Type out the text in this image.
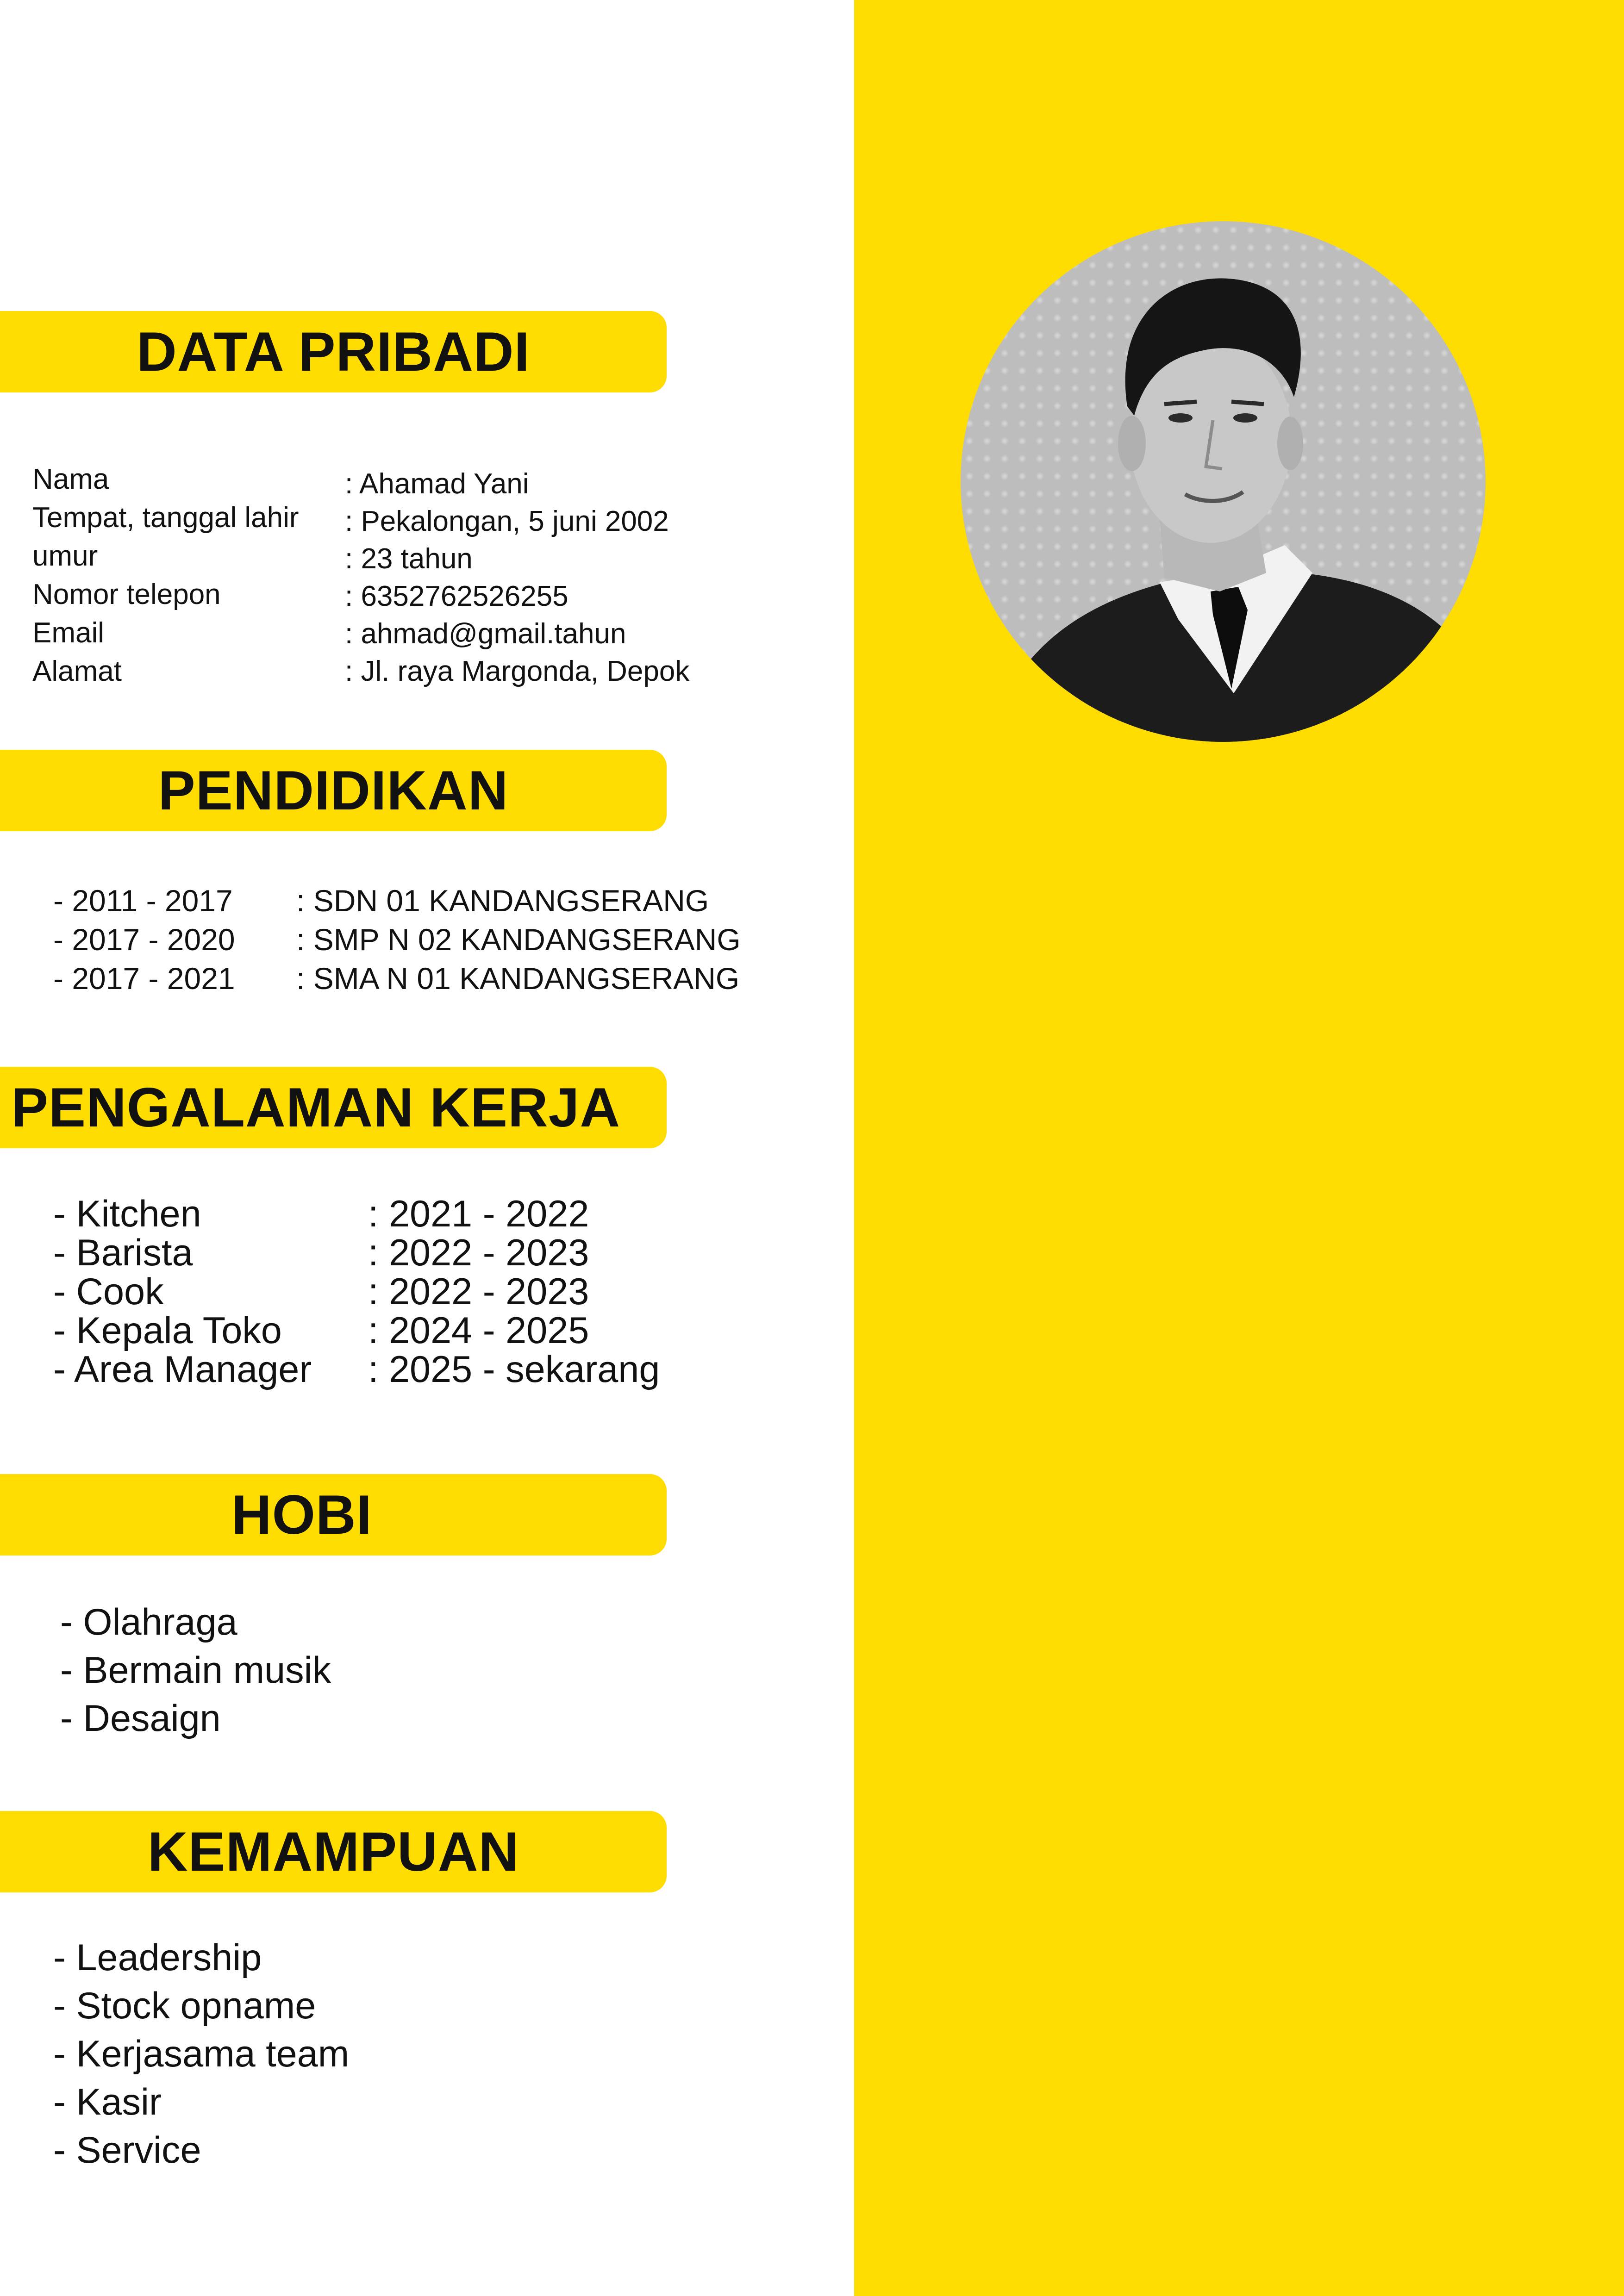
DATA PRIBADI
Nama
Tempat, tanggal lahir
umur
Nomor telepon
Email
Alamat
: Ahamad Yani
: Pekalongan, 5 juni 2002
: 23 tahun
: 6352762526255
: ahmad@gmail.tahun
: Jl. raya Margonda, Depok
PENDIDIKAN
- 2011 - 2017
- 2017 - 2020
- 2017 - 2021
: SDN 01 KANDANGSERANG
: SMP N 02 KANDANGSERANG
: SMA N 01 KANDANGSERANG
PENGALAMAN KERJA
- Kitchen
- Barista
- Cook
- Kepala Toko
- Area Manager
: 2021 - 2022
: 2022 - 2023
: 2022 - 2023
: 2024 - 2025
: 2025 - sekarang
HOBI
- Olahraga
- Bermain musik
- Desaign
KEMAMPUAN
- Leadership
- Stock opname
- Kerjasama team
- Kasir
- Service
